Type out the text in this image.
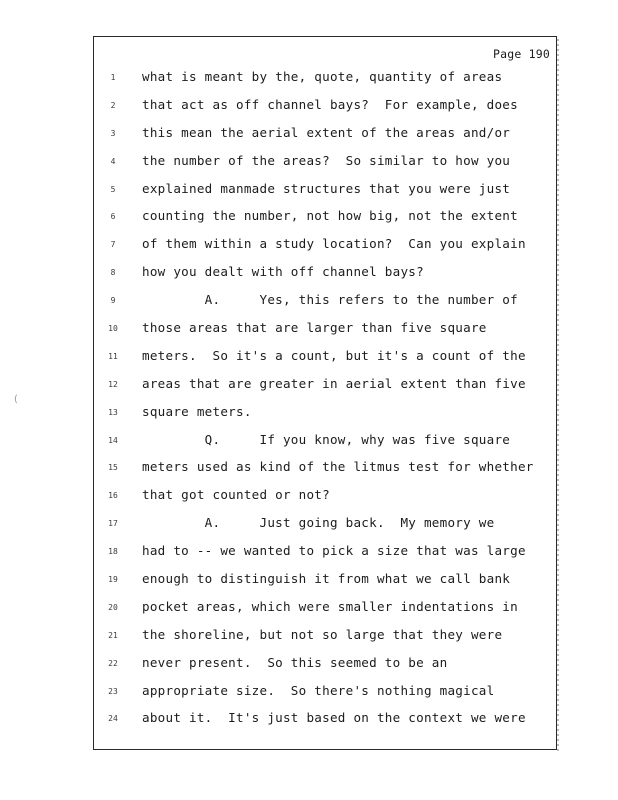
Page 190
1	what is meant by the, quote, quantity of areas
2	that act as off channel bays?  For example, does
3	this mean the aerial extent of the areas and/or
4	the number of the areas?  So similar to how you
5	explained manmade structures that you were just
6	counting the number, not how big, not the extent
7	of them within a study location?  Can you explain
8	how you dealt with off channel bays?
9	A.     Yes, this refers to the number of
10	those areas that are larger than five square
11	meters.  So it's a count, but it's a count of the
12	areas that are greater in aerial extent than five
13	square meters.
14	Q.     If you know, why was five square
15	meters used as kind of the litmus test for whether
16	that got counted or not?
17	A.     Just going back.  My memory we
18	had to -- we wanted to pick a size that was large
19	enough to distinguish it from what we call bank
20	pocket areas, which were smaller indentations in
21	the shoreline, but not so large that they were
22	never present.  So this seemed to be an
23	appropriate size.  So there's nothing magical
24	about it.  It's just based on the context we were
(
